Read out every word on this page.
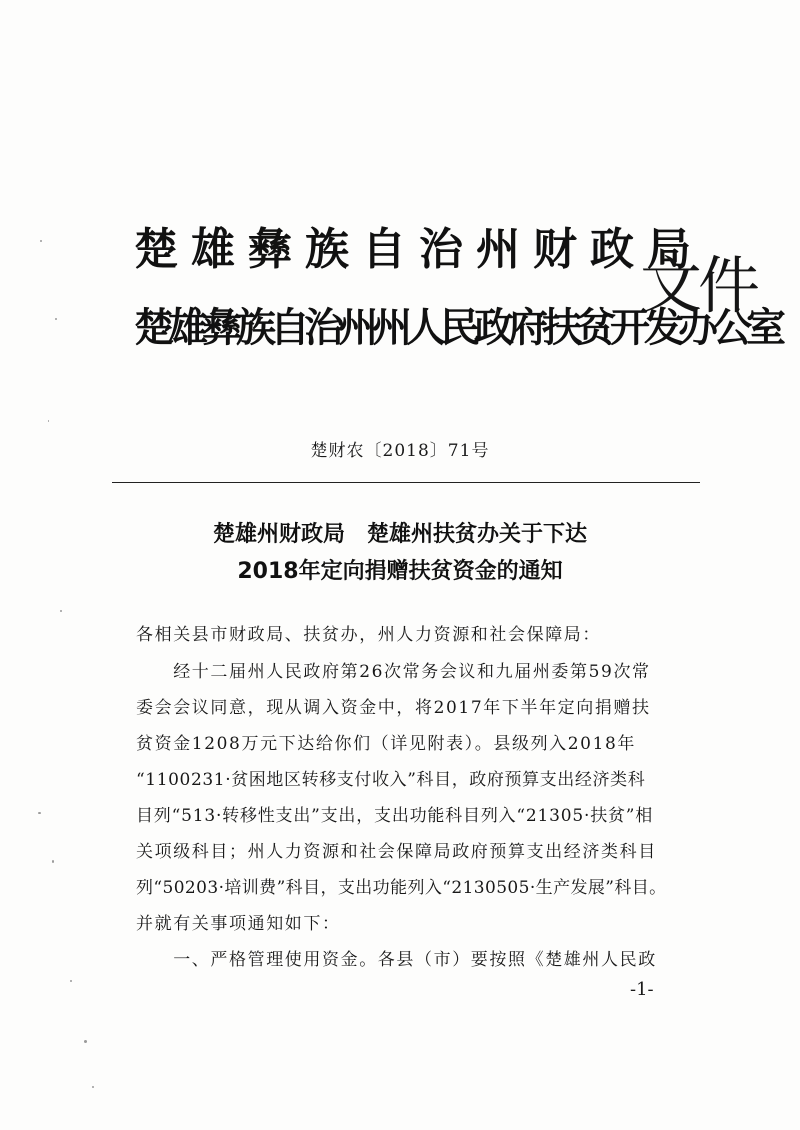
楚雄彝族自治州财政局
楚雄彝族自治州州人民政府扶贫开发办公室
文件
楚财农〔2018〕71号
楚雄州财政局　楚雄州扶贫办关于下达
2018年定向捐赠扶贫资金的通知
各相关县市财政局、扶贫办，州人力资源和社会保障局：
　　经十二届州人民政府第26次常务会议和九届州委第59次常
委会会议同意，现从调入资金中，将2017年下半年定向捐赠扶
贫资金1208万元下达给你们（详见附表）。县级列入2018年
“1100231·贫困地区转移支付收入”科目，政府预算支出经济类科
目列“513·转移性支出”支出，支出功能科目列入“21305·扶贫”相
关项级科目；州人力资源和社会保障局政府预算支出经济类科目
列“50203·培训费”科目，支出功能列入“2130505·生产发展”科目。
并就有关事项通知如下：
　　一、严格管理使用资金。各县（市）要按照《楚雄州人民政
-1-
